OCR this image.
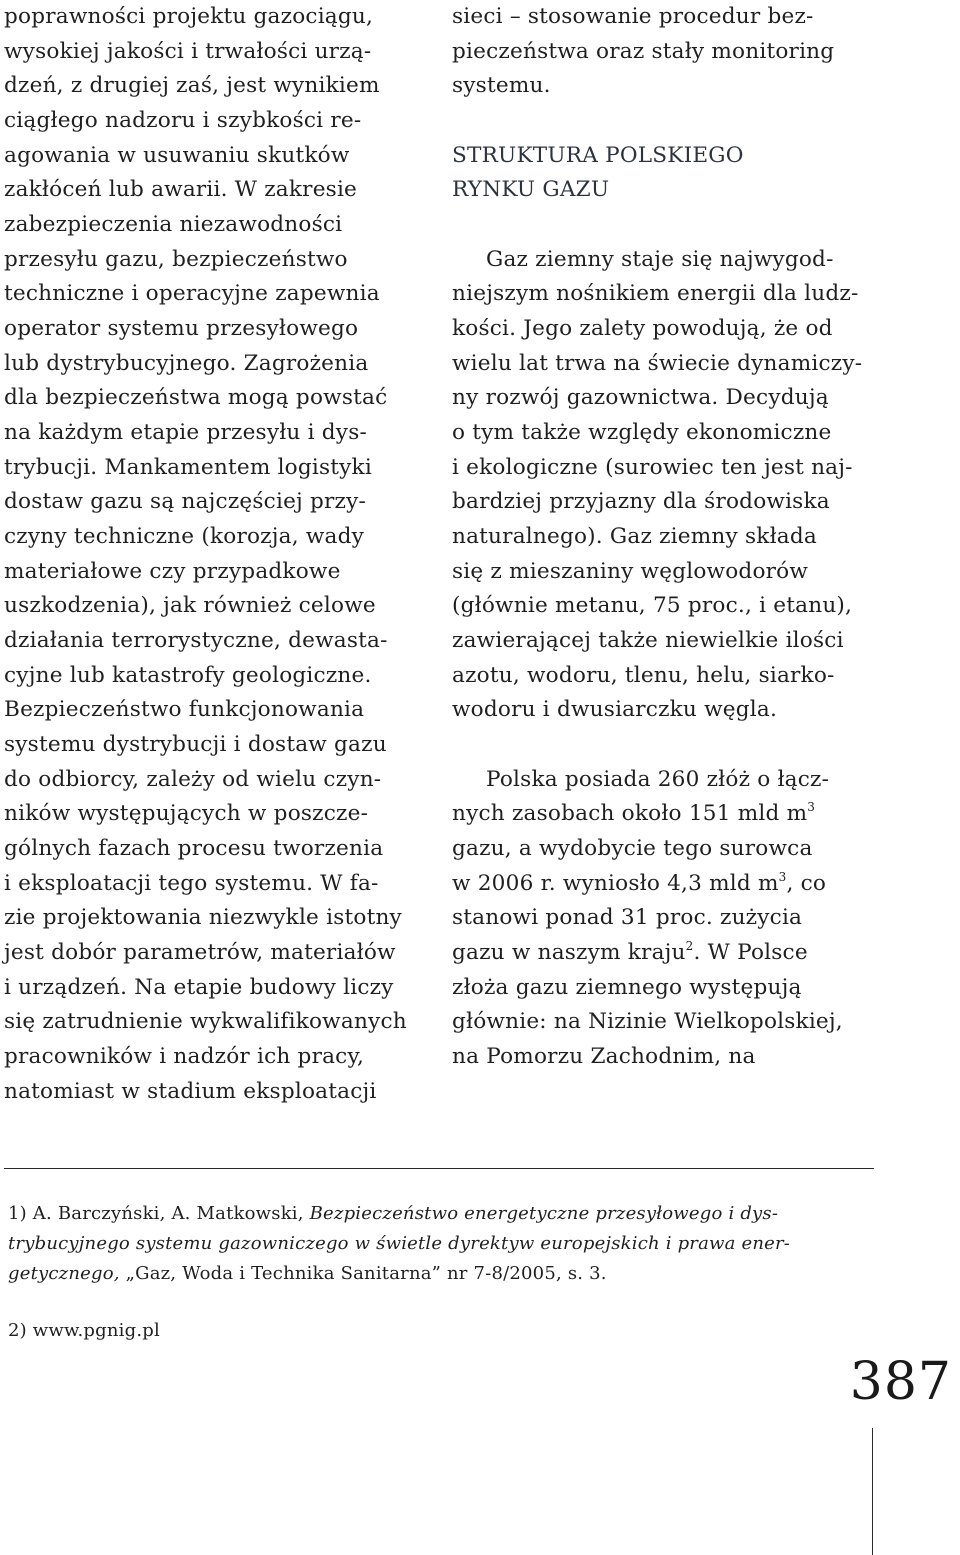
poprawności projektu gazociągu,
wysokiej jakości i trwałości urzą-
dzeń, z drugiej zaś, jest wynikiem
ciągłego nadzoru i szybkości re-
agowania w usuwaniu skutków
zakłóceń lub awarii. W zakresie
zabezpieczenia niezawodności
przesyłu gazu, bezpieczeństwo
techniczne i operacyjne zapewnia
operator systemu przesyłowego
lub dystrybucyjnego. Zagrożenia
dla bezpieczeństwa mogą powstać
na każdym etapie przesyłu i dys-
trybucji. Mankamentem logistyki
dostaw gazu są najczęściej przy-
czyny techniczne (korozja, wady
materiałowe czy przypadkowe
uszkodzenia), jak również celowe
działania terrorystyczne, dewasta-
cyjne lub katastrofy geologiczne.
Bezpieczeństwo funkcjonowania
systemu dystrybucji i dostaw gazu
do odbiorcy, zależy od wielu czyn-
ników występujących w poszcze-
gólnych fazach procesu tworzenia
i eksploatacji tego systemu. W fa-
zie projektowania niezwykle istotny
jest dobór parametrów, materiałów
i urządzeń. Na etapie budowy liczy
się zatrudnienie wykwalifikowanych
pracowników i nadzór ich pracy,
natomiast w stadium eksploatacji
sieci – stosowanie procedur bez-
pieczeństwa oraz stały monitoring
systemu.
STRUKTURA POLSKIEGO
RYNKU GAZU
Gaz ziemny staje się najwygod-
niejszym nośnikiem energii dla ludz-
kości. Jego zalety powodują, że od
wielu lat trwa na świecie dynamiczy-
ny rozwój gazownictwa. Decydują
o tym także względy ekonomiczne
i ekologiczne (surowiec ten jest naj-
bardziej przyjazny dla środowiska
naturalnego). Gaz ziemny składa
się z mieszaniny węglowodorów
(głównie metanu, 75 proc., i etanu),
zawierającej także niewielkie ilości
azotu, wodoru, tlenu, helu, siarko-
wodoru i dwusiarczku węgla.
Polska posiada 260 złóż o łącz-
nych zasobach około 151 mld $m^3$
gazu, a wydobycie tego surowca
w 2006 r. wyniosło 4,3 mld $m^3$, co
stanowi ponad 31 proc. zużycia
gazu w naszym kraju$^2$. W Polsce
złoża gazu ziemnego występują
głównie: na Nizinie Wielkopolskiej,
na Pomorzu Zachodnim, na
1) A. Barczyński, A. Matkowski, Bezpieczeństwo energetyczne przesyłowego i dys-
trybucyjnego systemu gazowniczego w świetle dyrektyw europejskich i prawa ener-
getycznego, „Gaz, Woda i Technika Sanitarna” nr 7-8/2005, s. 3.
2) www.pgnig.pl
387
